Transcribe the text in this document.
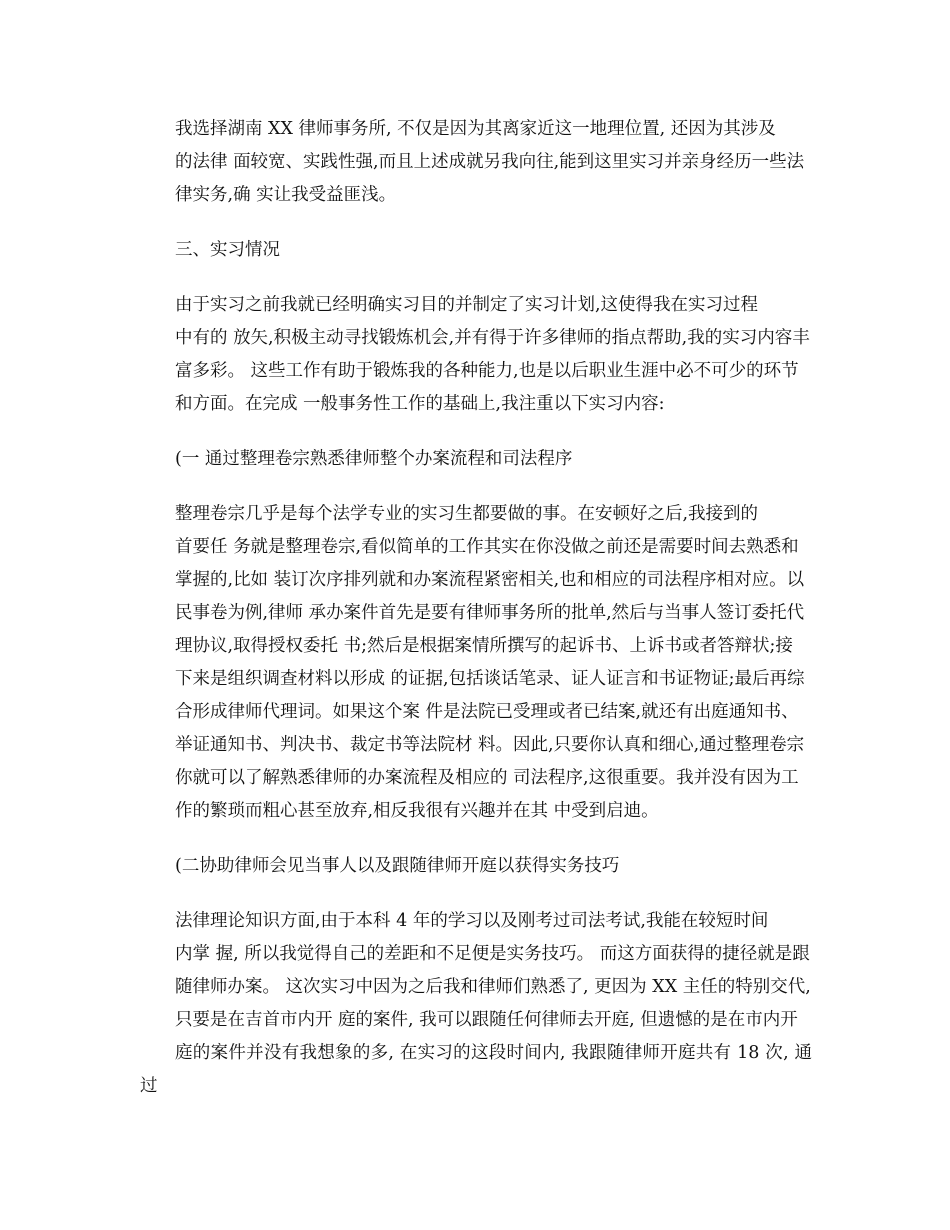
我选择湖南 XX 律师事务所, 不仅是因为其离家近这一地理位置, 还因为其涉及
的法律 面较宽、实践性强,而且上述成就另我向往,能到这里实习并亲身经历一些法
律实务,确 实让我受益匪浅。

三、实习情况

由于实习之前我就已经明确实习目的并制定了实习计划,这使得我在实习过程
中有的 放矢,积极主动寻找锻炼机会,并有得于许多律师的指点帮助,我的实习内容丰
富多彩。 这些工作有助于锻炼我的各种能力,也是以后职业生涯中必不可少的环节
和方面。在完成 一般事务性工作的基础上,我注重以下实习内容:

(一 通过整理卷宗熟悉律师整个办案流程和司法程序

整理卷宗几乎是每个法学专业的实习生都要做的事。在安顿好之后,我接到的
首要任 务就是整理卷宗,看似简单的工作其实在你没做之前还是需要时间去熟悉和
掌握的,比如 装订次序排列就和办案流程紧密相关,也和相应的司法程序相对应。以
民事卷为例,律师 承办案件首先是要有律师事务所的批单,然后与当事人签订委托代
理协议,取得授权委托 书;然后是根据案情所撰写的起诉书、上诉书或者答辩状;接
下来是组织调查材料以形成 的证据,包括谈话笔录、证人证言和书证物证;最后再综
合形成律师代理词。如果这个案 件是法院已受理或者已结案,就还有出庭通知书、
举证通知书、判决书、裁定书等法院材 料。因此,只要你认真和细心,通过整理卷宗
你就可以了解熟悉律师的办案流程及相应的 司法程序,这很重要。我并没有因为工
作的繁琐而粗心甚至放弃,相反我很有兴趣并在其 中受到启迪。

(二协助律师会见当事人以及跟随律师开庭以获得实务技巧

法律理论知识方面,由于本科 4 年的学习以及刚考过司法考试,我能在较短时间
内掌 握, 所以我觉得自己的差距和不足便是实务技巧。 而这方面获得的捷径就是跟
随律师办案。 这次实习中因为之后我和律师们熟悉了, 更因为 XX 主任的特别交代,
只要是在吉首市内开 庭的案件, 我可以跟随任何律师去开庭, 但遗憾的是在市内开
庭的案件并没有我想象的多, 在实习的这段时间内, 我跟随律师开庭共有 18 次, 通过
